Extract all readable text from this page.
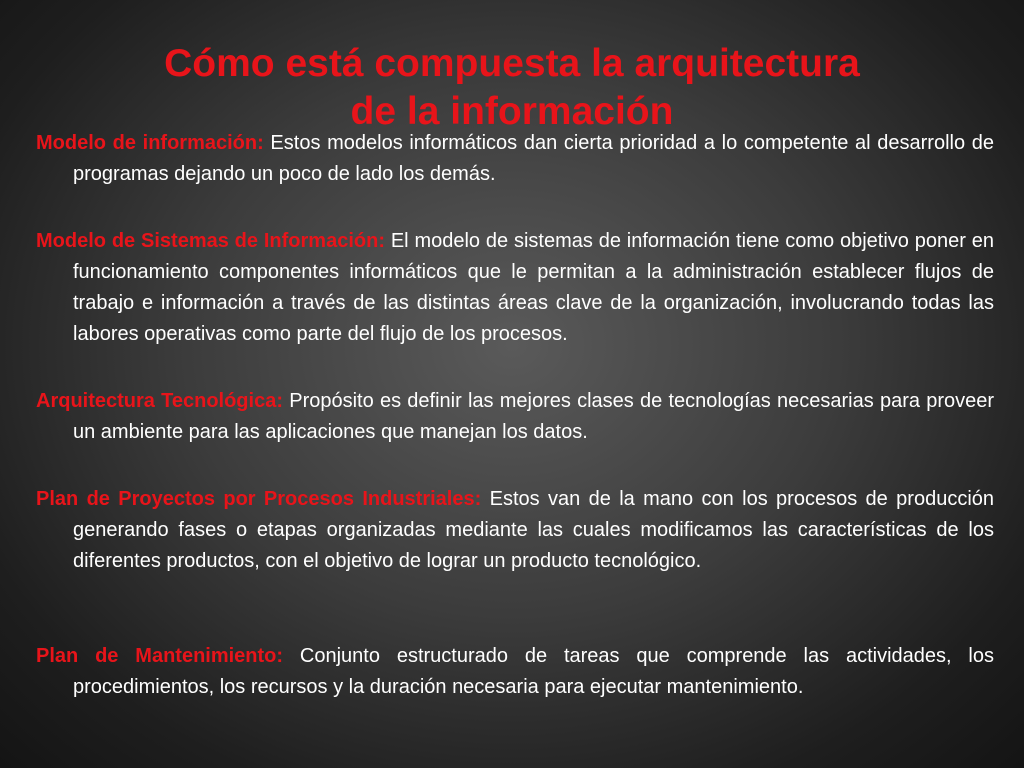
Cómo está compuesta la arquitectura
de la información

Modelo de información: Estos modelos informáticos dan cierta prioridad a lo competente al desarrollo de programas dejando un poco de lado los demás.

Modelo de Sistemas de Información: El modelo de sistemas de información tiene como objetivo poner en funcionamiento componentes informáticos que le permitan a la administración establecer flujos de trabajo e información a través de las distintas áreas clave de la organización, involucrando todas las labores operativas como parte del flujo de los procesos.

Arquitectura Tecnológica: Propósito es definir las mejores clases de tecnologías necesarias para proveer un ambiente para las aplicaciones que manejan los datos.

Plan de Proyectos por Procesos Industriales: Estos van de la mano con los procesos de producción generando fases o etapas organizadas mediante las cuales modificamos las características de los diferentes productos, con el objetivo de lograr un producto tecnológico.

Plan de Mantenimiento: Conjunto estructurado de tareas que comprende las actividades, los procedimientos, los recursos y la duración necesaria para ejecutar mantenimiento.
